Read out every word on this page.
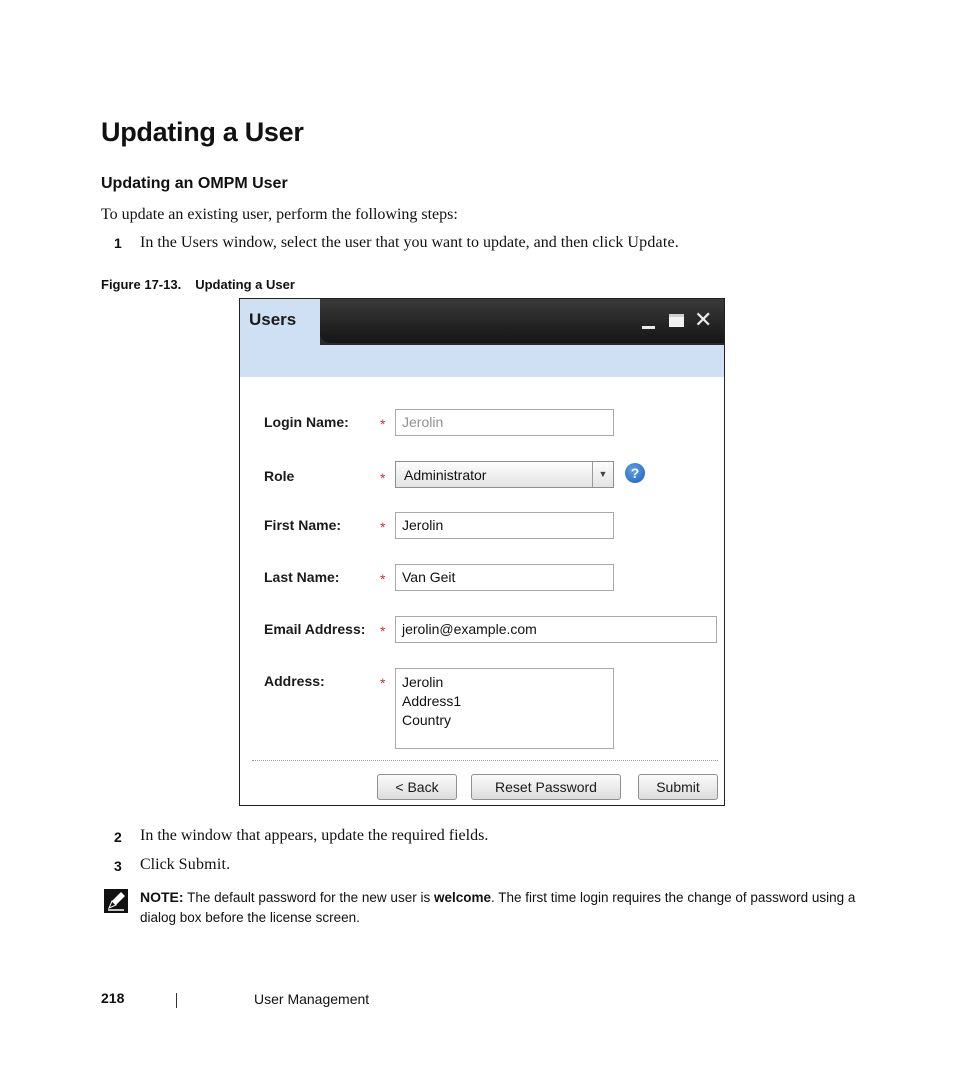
Updating a User
Updating an OMPM User
To update an existing user, perform the following steps:
1 In the Users window, select the user that you want to update, and then click Update.
Figure 17-13. Updating a User
Users	✕
Login Name: *	Jerolin
Role	* Administrator	▼	?
First Name:	*	Jerolin
Last Name:	*	Van Geit
Email Address: *	jerolin@example.com
Address:	* Jerolin
Address1
Country
< Back	Reset Password	Submit
2 In the window that appears, update the required fields.
3 Click Submit.
NOTE: The default password for the new user is welcome. The first time login requires the change of password using a dialog box before the license screen.
218	User Management
